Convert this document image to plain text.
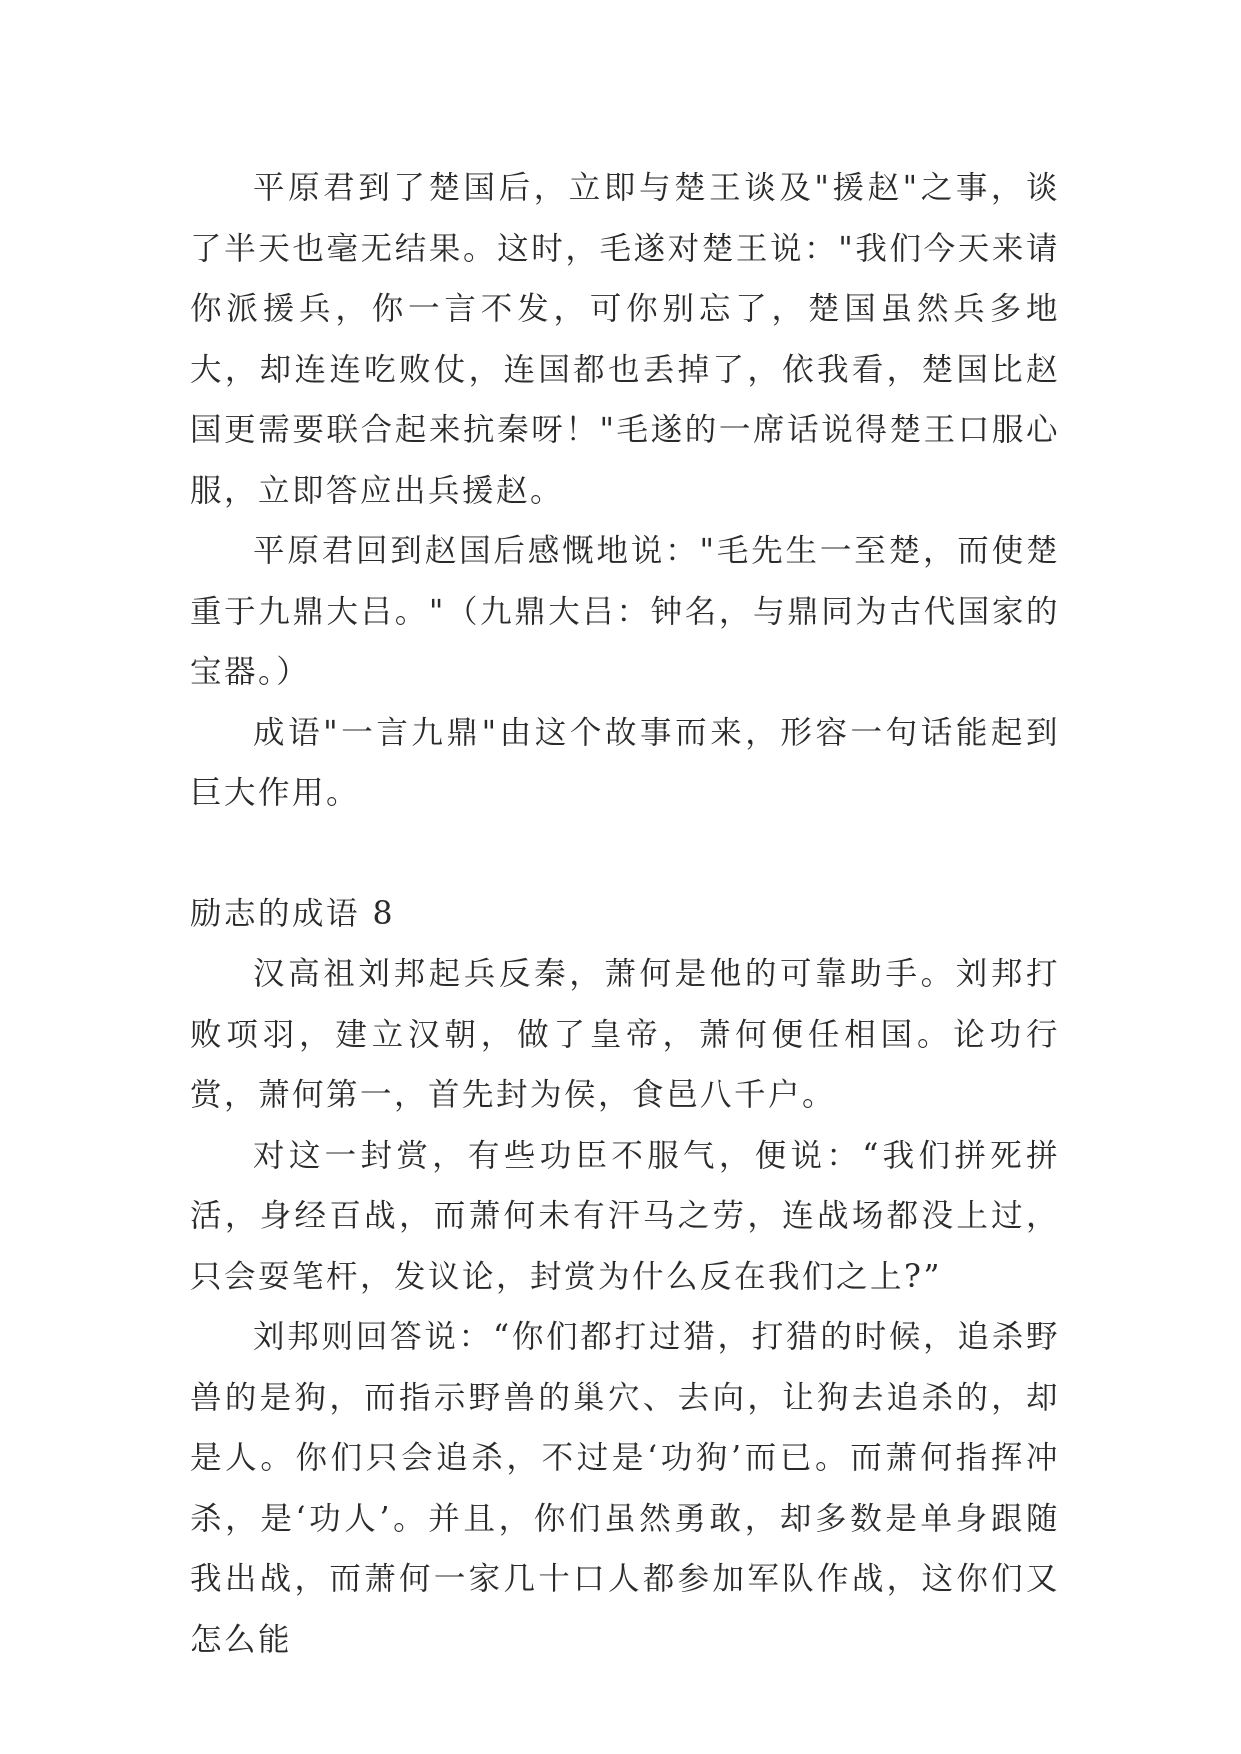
平原君到了楚国后，立即与楚王谈及"援赵"之事，谈了半天也毫无结果。这时，毛遂对楚王说："我们今天来请你派援兵，你一言不发，可你别忘了，楚国虽然兵多地大，却连连吃败仗，连国都也丢掉了，依我看，楚国比赵国更需要联合起来抗秦呀！"毛遂的一席话说得楚王口服心服，立即答应出兵援赵。

平原君回到赵国后感慨地说："毛先生一至楚，而使楚重于九鼎大吕。"（九鼎大吕：钟名，与鼎同为古代国家的宝器。）

成语"一言九鼎"由这个故事而来，形容一句话能起到巨大作用。

励志的成语 8

汉高祖刘邦起兵反秦，萧何是他的可靠助手。刘邦打败项羽，建立汉朝，做了皇帝，萧何便任相国。论功行赏，萧何第一，首先封为侯，食邑八千户。

对这一封赏，有些功臣不服气，便说：“我们拼死拼活，身经百战，而萧何未有汗马之劳，连战场都没上过，只会耍笔杆，发议论，封赏为什么反在我们之上?”

刘邦则回答说：“你们都打过猎，打猎的时候，追杀野兽的是狗，而指示野兽的巢穴、去向，让狗去追杀的，却是人。你们只会追杀，不过是‘功狗’而已。而萧何指挥冲杀，是‘功人’。并且，你们虽然勇敢，却多数是单身跟随我出战，而萧何一家几十口人都参加军队作战，这你们又怎么能
